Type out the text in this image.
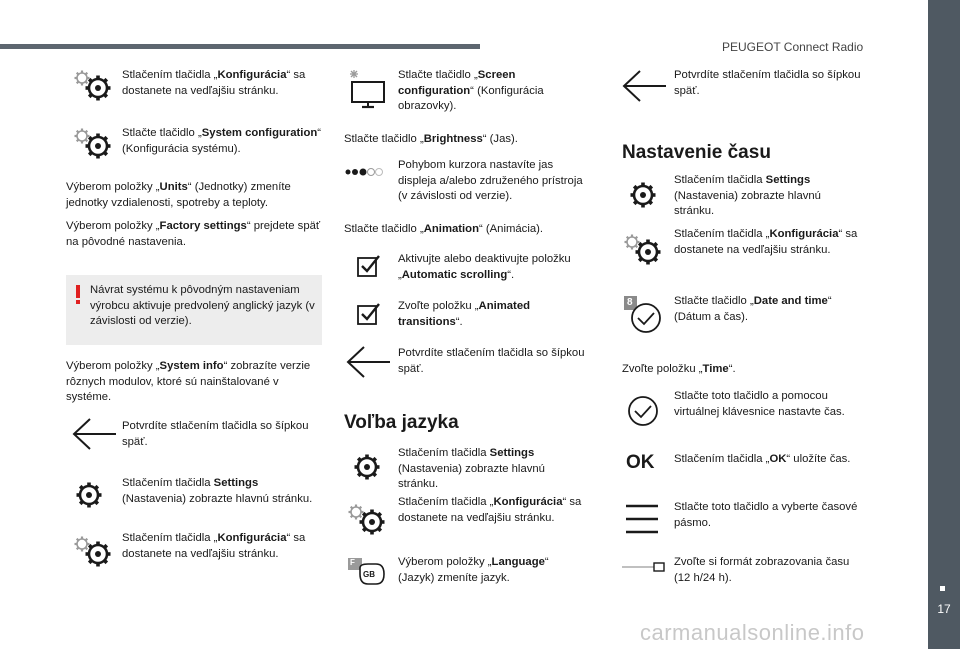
PEUGEOT Connect Radio
17
carmanualsonline.info
Stlačením tlačidla „Konfigurácia“ sa dostanete na vedľajšiu stránku.
Stlačte tlačidlo „System configuration“ (Konfigurácia systému).
Výberom položky „Units“ (Jednotky) zmeníte jednotky vzdialenosti, spotreby a teploty.
Výberom položky „Factory settings“ prejdete späť na pôvodné nastavenia.
Návrat systému k pôvodným nastaveniam výrobcu aktivuje predvolený anglický jazyk (v závislosti od verzie).
Výberom položky „System info“ zobrazíte verzie rôznych modulov, ktoré sú nainštalované v systéme.
Potvrdíte stlačením tlačidla so šípkou späť.
Stlačením tlačidla Settings (Nastavenia) zobrazte hlavnú stránku.
Stlačením tlačidla „Konfigurácia“ sa dostanete na vedľajšiu stránku.
Stlačte tlačidlo „Screen configuration“ (Konfigurácia obrazovky).
Stlačte tlačidlo „Brightness“ (Jas).
Pohybom kurzora nastavíte jas displeja a/alebo združeného prístroja (v závislosti od verzie).
Stlačte tlačidlo „Animation“ (Animácia).
Aktivujte alebo deaktivujte položku „Automatic scrolling“.
Zvoľte položku „Animated transitions“.
Potvrdíte stlačením tlačidla so šípkou späť.
Voľba jazyka
Stlačením tlačidla Settings (Nastavenia) zobrazte hlavnú stránku.
Stlačením tlačidla „Konfigurácia“ sa dostanete na vedľajšiu stránku.
F
GB
Výberom položky „Language“ (Jazyk) zmeníte jazyk.
Potvrdíte stlačením tlačidla so šípkou späť.
Nastavenie času
Stlačením tlačidla Settings (Nastavenia) zobrazte hlavnú stránku.
Stlačením tlačidla „Konfigurácia“ sa dostanete na vedľajšiu stránku.
8	Stlačte tlačidlo „Date and time“ (Dátum a čas).
Zvoľte položku „Time“.
Stlačte toto tlačidlo a pomocou virtuálnej klávesnice nastavte čas.
OK Stlačením tlačidla „OK“ uložíte čas.
Stlačte toto tlačidlo a vyberte časové pásmo.
Zvoľte si formát zobrazovania času (12 h/24 h).
